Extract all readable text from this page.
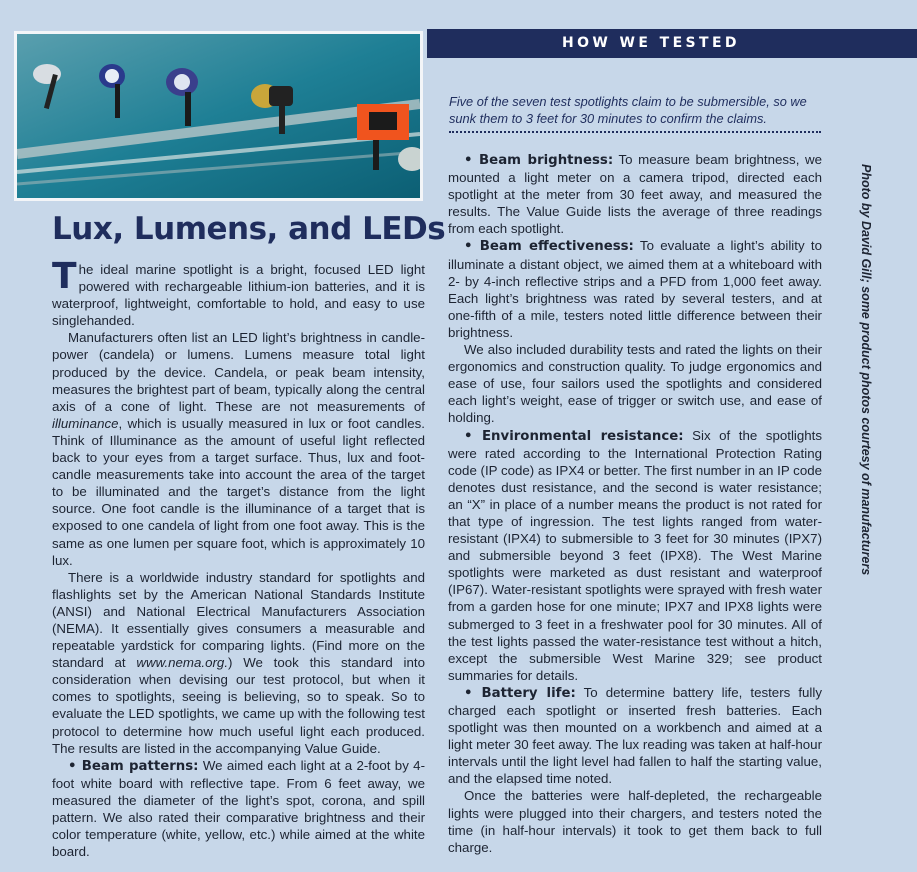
HOW WE TESTED

Five of the seven test spotlights claim to be submersible, so we sunk them to 3 feet for 30 minutes to confirm the claims.

Photo by David Gill; some product photos courtesy of manufacturers
Lux, Lumens, and LEDs

The ideal marine spotlight is a bright, focused LED light powered with rechargeable lithium-ion batteries, and it is waterproof, lightweight, comfortable to hold, and easy to use singlehanded.

Manufacturers often list an LED light’s brightness in candle-power (candela) or lumens. Lumens measure total light produced by the device. Candela, or peak beam intensity, measures the brightest part of beam, typically along the central axis of a cone of light. These are not measurements of illuminance, which is usually measured in lux or foot candles. Think of Illuminance as the amount of useful light reflected back to your eyes from a target surface. Thus, lux and foot-candle measurements take into account the area of the target to be illuminated and the target’s distance from the light source. One foot candle is the illuminance of a target that is exposed to one candela of light from one foot away. This is the same as one lumen per square foot, which is approximately 10 lux.

There is a worldwide industry standard for spotlights and flashlights set by the American National Standards Institute (ANSI) and National Electrical Manufacturers Association (NEMA). It essentially gives consumers a measurable and repeatable yardstick for comparing lights. (Find more on the standard at www.nema.org.) We took this standard into consideration when devising our test protocol, but when it comes to spotlights, seeing is believing, so to speak. So to evaluate the LED spotlights, we came up with the following test protocol to determine how much useful light each produced. The results are listed in the accompanying Value Guide.

• Beam patterns: We aimed each light at a 2-foot by 4-foot white board with reflective tape. From 6 feet away, we measured the diameter of the light’s spot, corona, and spill pattern. We also rated their comparative brightness and their color temperature (white, yellow, etc.) while aimed at the white board.

• Beam brightness: To measure beam brightness, we mounted a light meter on a camera tripod, directed each spotlight at the meter from 30 feet away, and measured the results. The Value Guide lists the average of three readings from each spotlight.

• Beam effectiveness: To evaluate a light’s ability to illuminate a distant object, we aimed them at a whiteboard with 2- by 4-inch reflective strips and a PFD from 1,000 feet away. Each light’s brightness was rated by several testers, and at one-fifth of a mile, testers noted little difference between their brightness.

We also included durability tests and rated the lights on their ergonomics and construction quality. To judge ergonomics and ease of use, four sailors used the spotlights and considered each light’s weight, ease of trigger or switch use, and ease of holding.

• Environmental resistance: Six of the spotlights were rated according to the International Protection Rating code (IP code) as IPX4 or better. The first number in an IP code denotes dust resistance, and the second is water resistance; an “X” in place of a number means the product is not rated for that type of ingression. The test lights ranged from water-resistant (IPX4) to submersible to 3 feet for 30 minutes (IPX7) and submersible beyond 3 feet (IPX8). The West Marine spotlights were marketed as dust resistant and waterproof (IP67). Water-resistant spotlights were sprayed with fresh water from a garden hose for one minute; IPX7 and IPX8 lights were submerged to 3 feet in a freshwater pool for 30 minutes. All of the test lights passed the water-resistance test without a hitch, except the submersible West Marine 329; see product summaries for details.

• Battery life: To determine battery life, testers fully charged each spotlight or inserted fresh batteries. Each spotlight was then mounted on a workbench and aimed at a light meter 30 feet away. The lux reading was taken at half-hour intervals until the light level had fallen to half the starting value, and the elapsed time noted.

Once the batteries were half-depleted, the rechargeable lights were plugged into their chargers, and testers noted the time (in half-hour intervals) it took to get them back to full charge.
